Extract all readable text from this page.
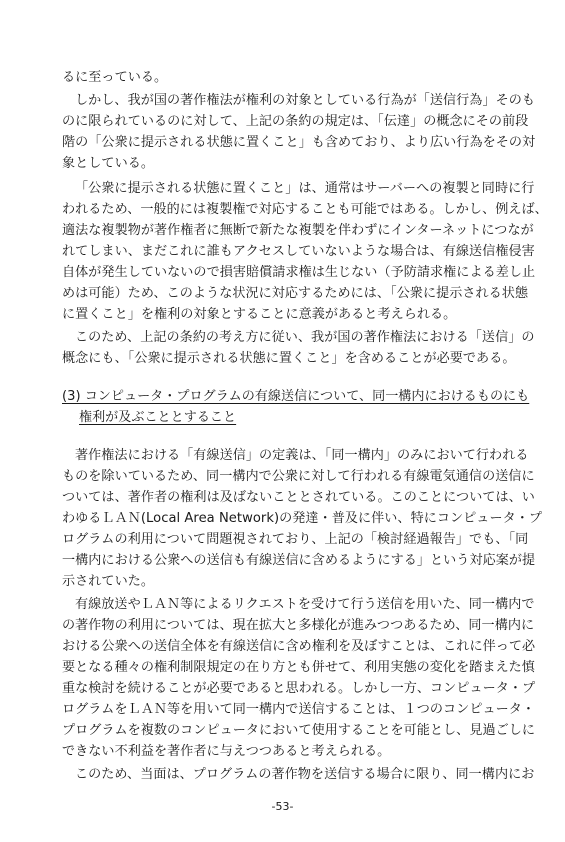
るに至っている。
しかし、我が国の著作権法が権利の対象としている行為が「送信行為」そのも
のに限られているのに対して、上記の条約の規定は、「伝達」の概念にその前段
階の「公衆に提示される状態に置くこと」も含めており、より広い行為をその対
象としている。
「公衆に提示される状態に置くこと」は、通常はサーバーへの複製と同時に行
われるため、一般的には複製権で対応することも可能ではある。しかし、例えば、
適法な複製物が著作権者に無断で新たな複製を伴わずにインターネットにつなが
れてしまい、まだこれに誰もアクセスしていないような場合は、有線送信権侵害
自体が発生していないので損害賠償請求権は生じない（予防請求権による差し止
めは可能）ため、このような状況に対応するためには、「公衆に提示される状態
に置くこと」を権利の対象とすることに意義があると考えられる。
このため、上記の条約の考え方に従い、我が国の著作権法における「送信」の
概念にも、「公衆に提示される状態に置くこと」を含めることが必要である。
(3) コンピュータ・プログラムの有線送信について、同一構内におけるものにも
権利が及ぶこととすること
著作権法における「有線送信」の定義は、「同一構内」のみにおいて行われる
ものを除いているため、同一構内で公衆に対して行われる有線電気通信の送信に
ついては、著作者の権利は及ばないこととされている。このことについては、い
わゆるＬＡＮ(Local Area Network)の発達・普及に伴い、特にコンピュータ・プ
ログラムの利用について問題視されており、上記の「検討経過報告」でも、「同
一構内における公衆への送信も有線送信に含めるようにする」という対応案が提
示されていた。
有線放送やＬＡＮ等によるリクエストを受けて行う送信を用いた、同一構内で
の著作物の利用については、現在拡大と多様化が進みつつあるため、同一構内に
おける公衆への送信全体を有線送信に含め権利を及ぼすことは、これに伴って必
要となる種々の権利制限規定の在り方とも併せて、利用実態の変化を踏まえた慎
重な検討を続けることが必要であると思われる。しかし一方、コンピュータ・プ
ログラムをＬＡＮ等を用いて同一構内で送信することは、１つのコンピュータ・
プログラムを複数のコンピュータにおいて使用することを可能とし、見過ごしに
できない不利益を著作者に与えつつあると考えられる。
このため、当面は、プログラムの著作物を送信する場合に限り、同一構内にお
-53-
